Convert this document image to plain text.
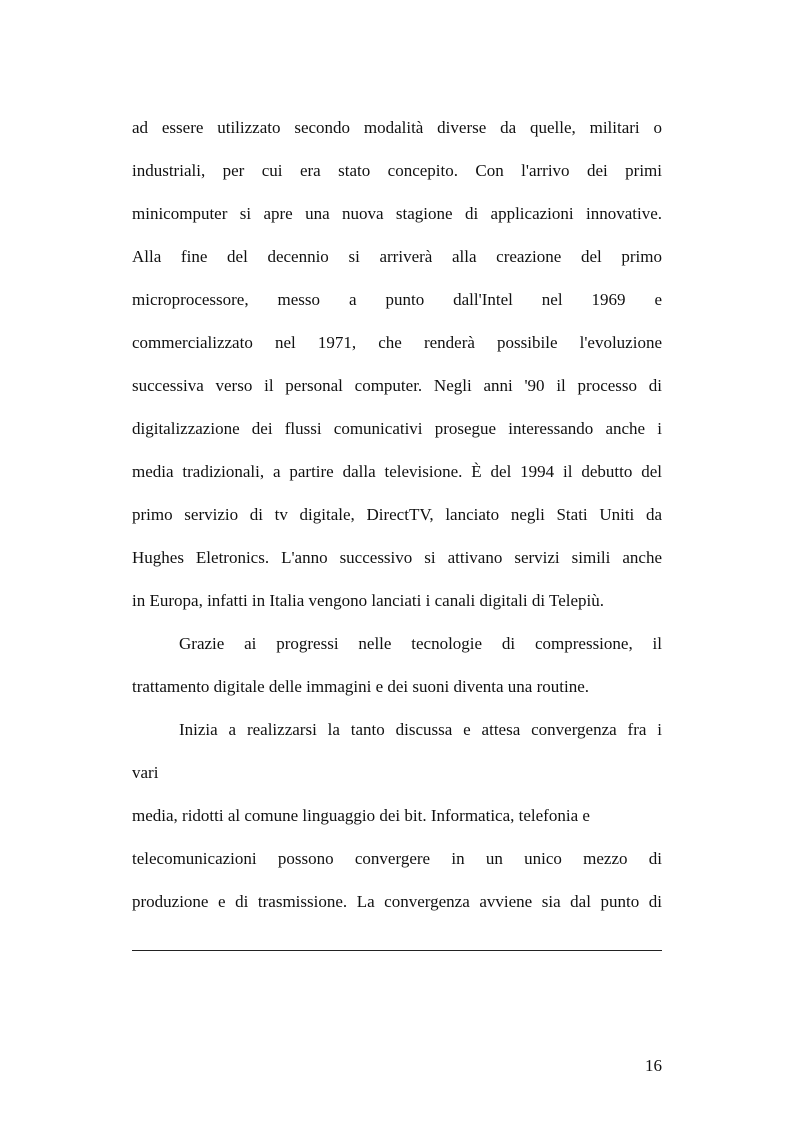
ad essere utilizzato secondo modalità diverse da quelle, militari o
industriali, per cui era stato concepito. Con l'arrivo dei primi
minicomputer si apre una nuova stagione di applicazioni innovative.
Alla fine del decennio si arriverà alla creazione del primo
microprocessore, messo a punto dall'Intel nel 1969 e
commercializzato nel 1971, che renderà possibile l'evoluzione
successiva verso il personal computer. Negli anni '90 il processo di
digitalizzazione dei flussi comunicativi prosegue interessando anche i
media tradizionali, a partire dalla televisione. È del 1994 il debutto del
primo servizio di tv digitale, DirectTV, lanciato negli Stati Uniti da
Hughes Eletronics. L'anno successivo si attivano servizi simili anche
in Europa, infatti in Italia vengono lanciati i canali digitali di Telepiù.
Grazie ai progressi nelle tecnologie di compressione, il
trattamento digitale delle immagini e dei suoni diventa una routine.
Inizia a realizzarsi la tanto discussa e attesa convergenza fra i
vari
media, ridotti al comune linguaggio dei bit. Informatica, telefonia e
telecomunicazioni possono convergere in un unico mezzo di
produzione e di trasmissione. La convergenza avviene sia dal punto di
16
